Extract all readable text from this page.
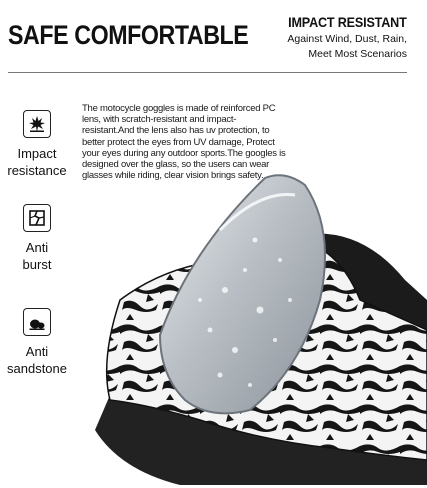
SAFE COMFORTABLE	IMPACT RESISTANT
Against Wind, Dust, Rain,
Meet Most Scenarios
The motocycle goggles is made of reinforced PC lens, with scratch-resistant and impact-resistant.And the lens also has uv protection, to better protect the eyes from UV damage, Protect your eyes during any outdoor sports.The googles is designed over the glass, so the users can wear glasses while riding, clear vision brings safety.
Impact
resistance
Anti
burst
Anti
sandstone
